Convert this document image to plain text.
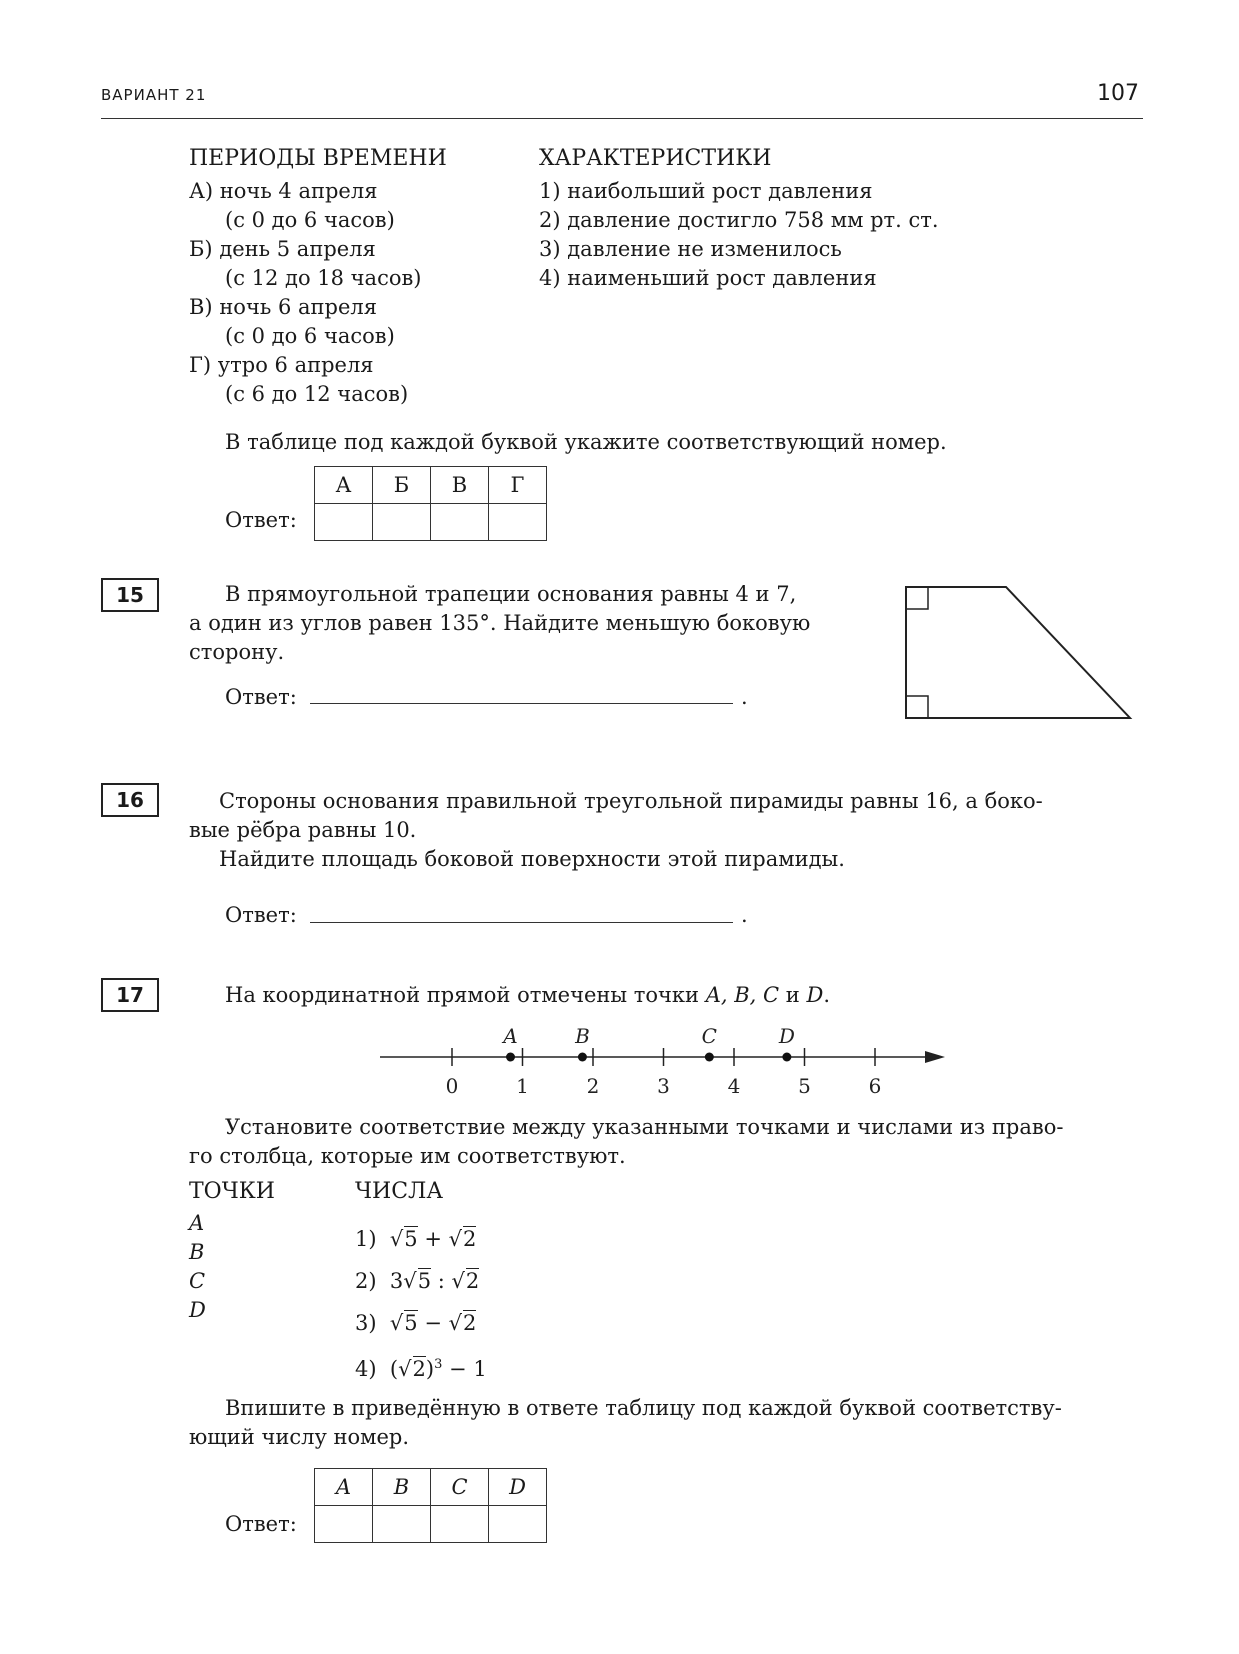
ВАРИАНТ 21	107
ПЕРИОДЫ ВРЕМЕНИ	ХАРАКТЕРИСТИКИ
А) ночь 4 апреля
(с 0 до 6 часов)
Б) день 5 апреля
(с 12 до 18 часов)
В) ночь 6 апреля
(с 0 до 6 часов)
Г) утро 6 апреля
(с 6 до 12 часов)
1) наибольший рост давления
2) давление достигло 758 мм рт. ст.
3) давление не изменилось
4) наименьший рост давления
В таблице под каждой буквой укажите соответствующий номер.
Ответ:
А	Б	В	Г

15	В прямоугольной трапеции основания равны 4 и 7,
а один из углов равен 135°. Найдите меньшую боковую
сторону.
Ответ:	.
16	Стороны основания правильной треугольной пирамиды равны 16, а боко-
вые рёбра равны 10.
Найдите площадь боковой поверхности этой пирамиды.
Ответ:	.
17	На координатной прямой отмечены точки A, B, C и D.
0	1	2	3	4	5	6
A	B	C	D
Установите соответствие между указанными точками и числами из право-
го столбца, которые им соответствуют.
ТОЧКИ	ЧИСЛА
A
B
C
D
1)  √5 + √2
2) 3√5 : √2
3)  √5 − √2
4)  $(√2)^3 - 1$
Впишите в приведённую в ответе таблицу под каждой буквой соответству-
ющий числу номер.
Ответ:
A	B	C	D
